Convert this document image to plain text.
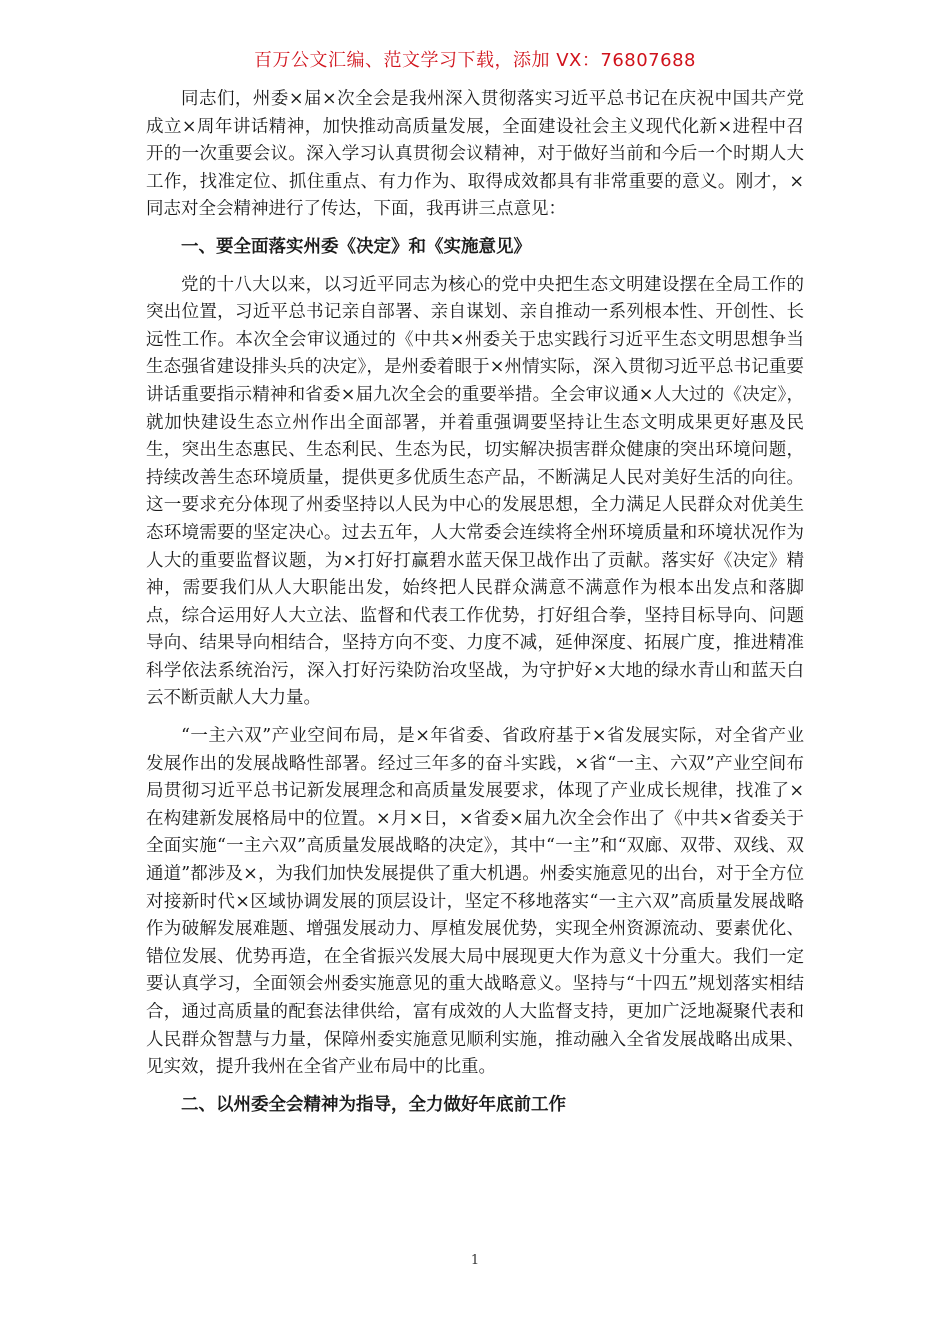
百万公文汇编、范文学习下载，添加 VX：76807688

同志们，州委×届×次全会是我州深入贯彻落实习近平总书记在庆祝中国共产党成立×周年讲话精神，加快推动高质量发展，全面建设社会主义现代化新×进程中召开的一次重要会议。深入学习认真贯彻会议精神，对于做好当前和今后一个时期人大工作，找准定位、抓住重点、有力作为、取得成效都具有非常重要的意义。刚才，×同志对全会精神进行了传达，下面，我再讲三点意见：

一、要全面落实州委《决定》和《实施意见》

党的十八大以来，以习近平同志为核心的党中央把生态文明建设摆在全局工作的突出位置，习近平总书记亲自部署、亲自谋划、亲自推动一系列根本性、开创性、长远性工作。本次全会审议通过的《中共×州委关于忠实践行习近平生态文明思想争当生态强省建设排头兵的决定》，是州委着眼于×州情实际，深入贯彻习近平总书记重要讲话重要指示精神和省委×届九次全会的重要举措。全会审议通×人大过的《决定》，就加快建设生态立州作出全面部署，并着重强调要坚持让生态文明成果更好惠及民生，突出生态惠民、生态利民、生态为民，切实解决损害群众健康的突出环境问题，持续改善生态环境质量，提供更多优质生态产品，不断满足人民对美好生活的向往。这一要求充分体现了州委坚持以人民为中心的发展思想，全力满足人民群众对优美生态环境需要的坚定决心。过去五年，人大常委会连续将全州环境质量和环境状况作为人大的重要监督议题，为×打好打赢碧水蓝天保卫战作出了贡献。落实好《决定》精神，需要我们从人大职能出发，始终把人民群众满意不满意作为根本出发点和落脚点，综合运用好人大立法、监督和代表工作优势，打好组合拳，坚持目标导向、问题导向、结果导向相结合，坚持方向不变、力度不减，延伸深度、拓展广度，推进精准科学依法系统治污，深入打好污染防治攻坚战，为守护好×大地的绿水青山和蓝天白云不断贡献人大力量。

“一主六双”产业空间布局，是×年省委、省政府基于×省发展实际，对全省产业发展作出的发展战略性部署。经过三年多的奋斗实践，×省“一主、六双”产业空间布局贯彻习近平总书记新发展理念和高质量发展要求，体现了产业成长规律，找准了×在构建新发展格局中的位置。×月×日，×省委×届九次全会作出了《中共×省委关于全面实施“一主六双”高质量发展战略的决定》，其中“一主”和“双廊、双带、双线、双通道”都涉及×，为我们加快发展提供了重大机遇。州委实施意见的出台，对于全方位对接新时代×区域协调发展的顶层设计，坚定不移地落实“一主六双”高质量发展战略作为破解发展难题、增强发展动力、厚植发展优势，实现全州资源流动、要素优化、错位发展、优势再造，在全省振兴发展大局中展现更大作为意义十分重大。我们一定要认真学习，全面领会州委实施意见的重大战略意义。坚持与“十四五”规划落实相结合，通过高质量的配套法律供给，富有成效的人大监督支持，更加广泛地凝聚代表和人民群众智慧与力量，保障州委实施意见顺利实施，推动融入全省发展战略出成果、见实效，提升我州在全省产业布局中的比重。

二、以州委全会精神为指导，全力做好年底前工作

1
